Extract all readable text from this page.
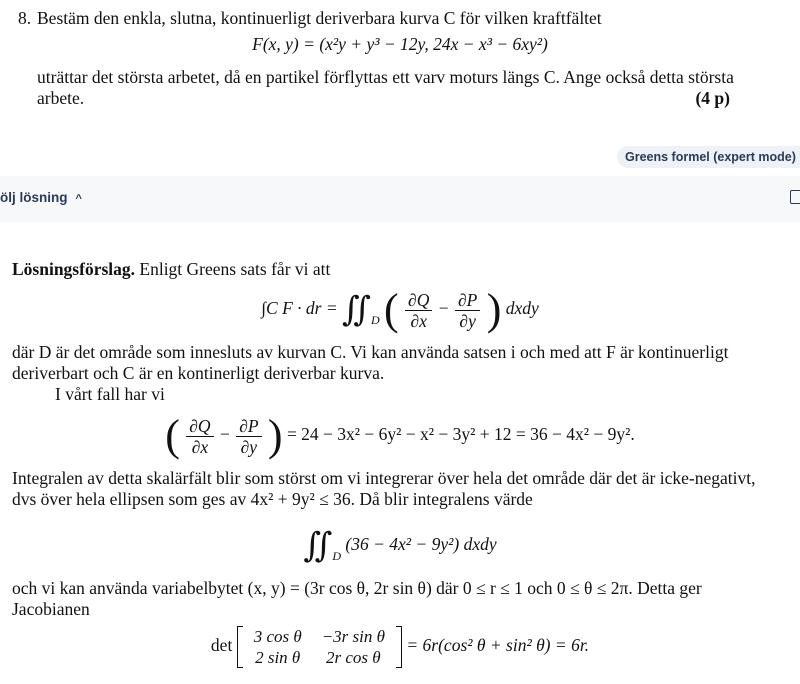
8. Bestäm den enkla, slutna, kontinuerligt deriverbara kurva C för vilken kraftfältet
F(x, y) = (x²y + y³ − 12y, 24x − x³ − 6xy²)
uträttar det största arbetet, då en partikel förflyttas ett varv moturs längs C. Ange också detta största arbete.	(4 p)
Greens formel (expert mode)
ölj lösning ^
Lösningsförslag. Enligt Greens sats får vi att
∫C F · dr = $∬_D$ ( $\frac{\partial Q}{\partial x} - \frac{\partial P}{\partial y}$ ) dxdy
där D är det område som innesluts av kurvan C. Vi kan använda satsen i och med att F är kontinuerligt deriverbart och C är en kontinerligt deriverbar kurva.
I vårt fall har vi
( $\frac{\partial Q}{\partial x} - \frac{\partial P}{\partial y}$ ) = 24 − 3x² − 6y² − x² − 3y² + 12 = 36 − 4x² − 9y².
Integralen av detta skalärfält blir som störst om vi integrerar över hela det område där det är icke-negativt, dvs över hela ellipsen som ges av 4x² + 9y² ≤ 36. Då blir integralens värde
$∬_D$ (36 − 4x² − 9y²) dxdy
och vi kan använda variabelbytet (x, y) = (3r cos θ, 2r sin θ) där 0 ≤ r ≤ 1 och 0 ≤ θ ≤ 2π. Detta ger Jacobianen
det 3 cos θ	−3r sin θ
2 sin θ	2r cos θ
= 6r(cos² θ + sin² θ) = 6r.
